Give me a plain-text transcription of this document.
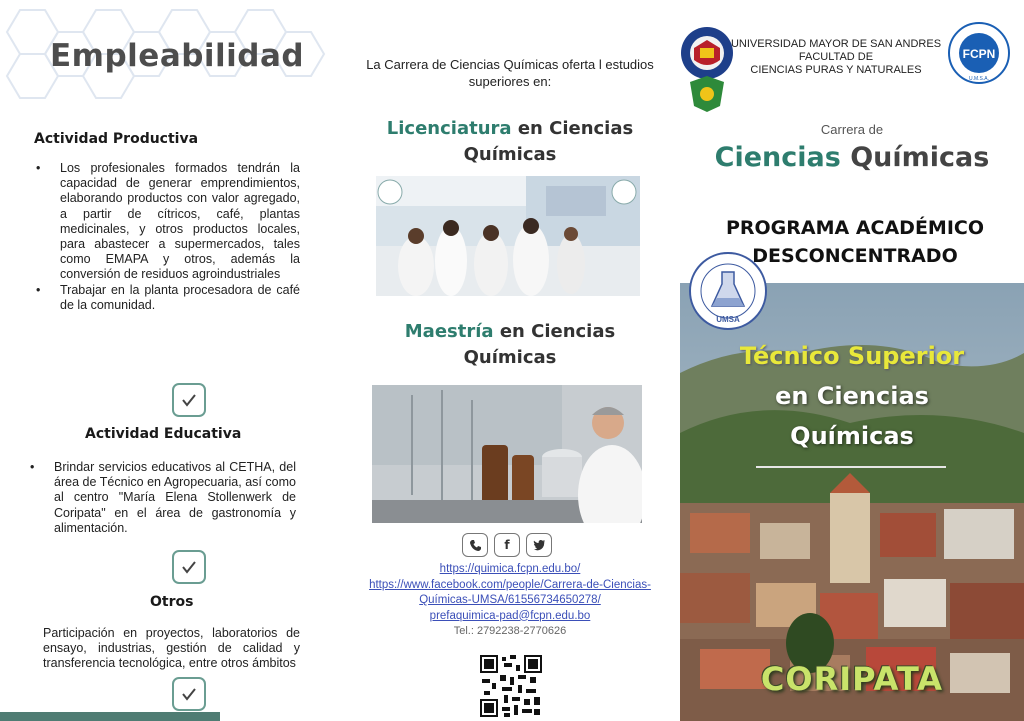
Empleabilidad
Actividad Productiva
• Los profesionales formados tendrán la capacidad de generar emprendimientos, elaborando productos con valor agregado, a partir de cítricos, café, plantas medicinales, y otros productos locales, para abastecer a supermercados, tales como EMAPA y otros, además la conversión de residuos agroindustriales
• Trabajar en la planta procesadora de café de la comunidad.
Actividad Educativa
• Brindar servicios educativos al CETHA, del área de Técnico en Agropecuaria, así como al centro "María Elena Stollenwerk de Coripata" en el área de gastronomía y alimentación.
Otros
Participación en proyectos, laboratorios de ensayo, industrias, gestión de calidad y transferencia tecnológica, entre otros ámbitos
La Carrera de Ciencias Químicas oferta l estudios superiores en:
Licenciatura en Ciencias
Químicas
Maestría en Ciencias
Químicas
f
https://quimica.fcpn.edu.bo/
https://www.facebook.com/people/Carrera-de-Ciencias-Químicas-UMSA/61556734650278/
prefaquimica-pad@fcpn.edu.bo
Tel.: 2792238-2770626
UNIVERSIDAD MAYOR DE SAN ANDRES
FACULTAD DE
CIENCIAS PURAS Y NATURALES
FCPN
U.M.S.A.
Carrera de
Ciencias Químicas
PROGRAMA ACADÉMICO
DESCONCENTRADO
UMSA
Técnico Superior
en Ciencias
Químicas
CORIPATA
